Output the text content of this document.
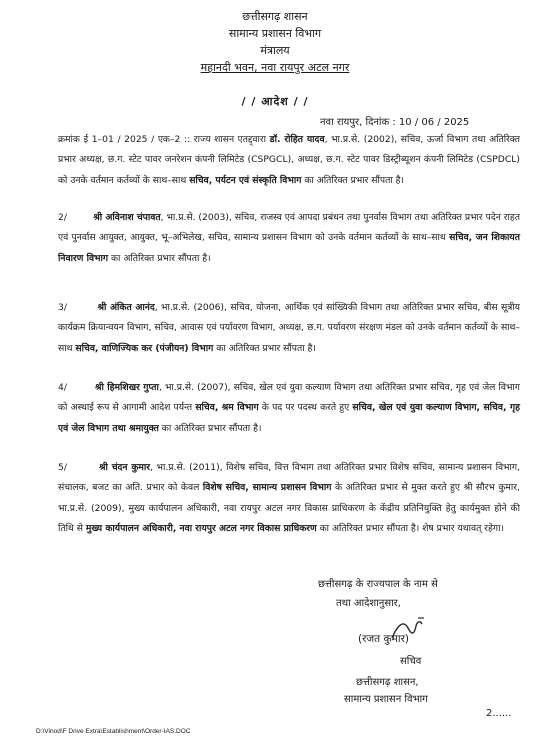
छत्तीसगढ़ शासन
सामान्य प्रशासन विभाग
मंत्रालय
महानदी भवन, नवा रायपुर अटल नगर
/ / आदेश / /
नवा रायपुर, दिनांक : 10 / 06 / 2025
क्रमांक ई 1–01 / 2025 / एक–2 :: राज्य शासन एतद्द्वारा डॉ. रोहित यादव, भा.प्र.से. (2002), सचिव, ऊर्जा विभाग तथा अतिरिक्त प्रभार अध्यक्ष, छ.ग. स्टेट पावर जनरेशन कंपनी लिमिटेड (CSPGCL), अध्यक्ष, छ.ग. स्टेट पावर डिस्ट्रीब्यूशन कंपनी लिमिटेड (CSPDCL) को उनके वर्तमान कर्तव्यों के साथ–साथ सचिव, पर्यटन एवं संस्कृति विभाग का अतिरिक्त प्रभार सौंपता है।
2/	श्री अविनाश चंपावत, भा.प्र.से. (2003), सचिव, राजस्व एवं आपदा प्रबंधन तथा पुनर्वास विभाग तथा अतिरिक्त प्रभार पदेन राहत एवं पुनर्वास आयुक्त, आयुक्त, भू–अभिलेख, सचिव, सामान्य प्रशासन विभाग को उनके वर्तमान कर्तव्यों के साथ–साथ सचिव, जन शिकायत निवारण विभाग का अतिरिक्त प्रभार सौंपता है।
3/	श्री अंकित आनंद, भा.प्र.से. (2006), सचिव, योजना, आर्थिक एवं सांख्यिकी विभाग तथा अतिरिक्त प्रभार सचिव, बीस सूत्रीय कार्यक्रम क्रियान्वयन विभाग, सचिव, आवास एवं पर्यावरण विभाग, अध्यक्ष, छ.ग. पर्यावरण संरक्षण मंडल को उनके वर्तमान कर्तव्यों के साथ–साथ सचिव, वाणिज्यिक कर (पंजीयन) विभाग का अतिरिक्त प्रभार सौंपता है।
4/	श्री हिमशिखर गुप्ता, भा.प्र.से. (2007), सचिव, खेल एवं युवा कल्याण विभाग तथा अतिरिक्त प्रभार सचिव, गृह एवं जेल विभाग को अस्थाई रूप से आगामी आदेश पर्यन्त सचिव, श्रम विभाग के पद पर पदस्थ करते हुए सचिव, खेल एवं युवा कल्याण विभाग, सचिव, गृह एवं जेल विभाग तथा श्रमायुक्त का अतिरिक्त प्रभार सौंपता है।
5/	श्री चंदन कुमार, भा.प्र.से. (2011), विशेष सचिव, वित्त विभाग तथा अतिरिक्त प्रभार विशेष सचिव, सामान्य प्रशासन विभाग, संचालक, बजट का अति. प्रभार को केवल विशेष सचिव, सामान्य प्रशासन विभाग के अतिरिक्त प्रभार से मुक्त करते हुए श्री सौरभ कुमार, भा.प्र.से. (2009), मुख्य कार्यपालन अधिकारी, नवा रायपुर अटल नगर विकास प्राधिकरण के केंद्रीय प्रतिनियुक्ति हेतु कार्यमुक्त होने की तिथि से मुख्य कार्यपालन अधिकारी, नवा रायपुर अटल नगर विकास प्राधिकरण का अतिरिक्त प्रभार सौंपता है। शेष प्रभार यथावत् रहेगा।
छत्तीसगढ़ के राज्यपाल के नाम से
तथा आदेशानुसार,
(रजत कुमार)
सचिव
छत्तीसगढ़ शासन,
सामान्य प्रशासन विभाग
2......
D:\Vinod\F Drive Extra\Establishment\Order-IAS.DOC
